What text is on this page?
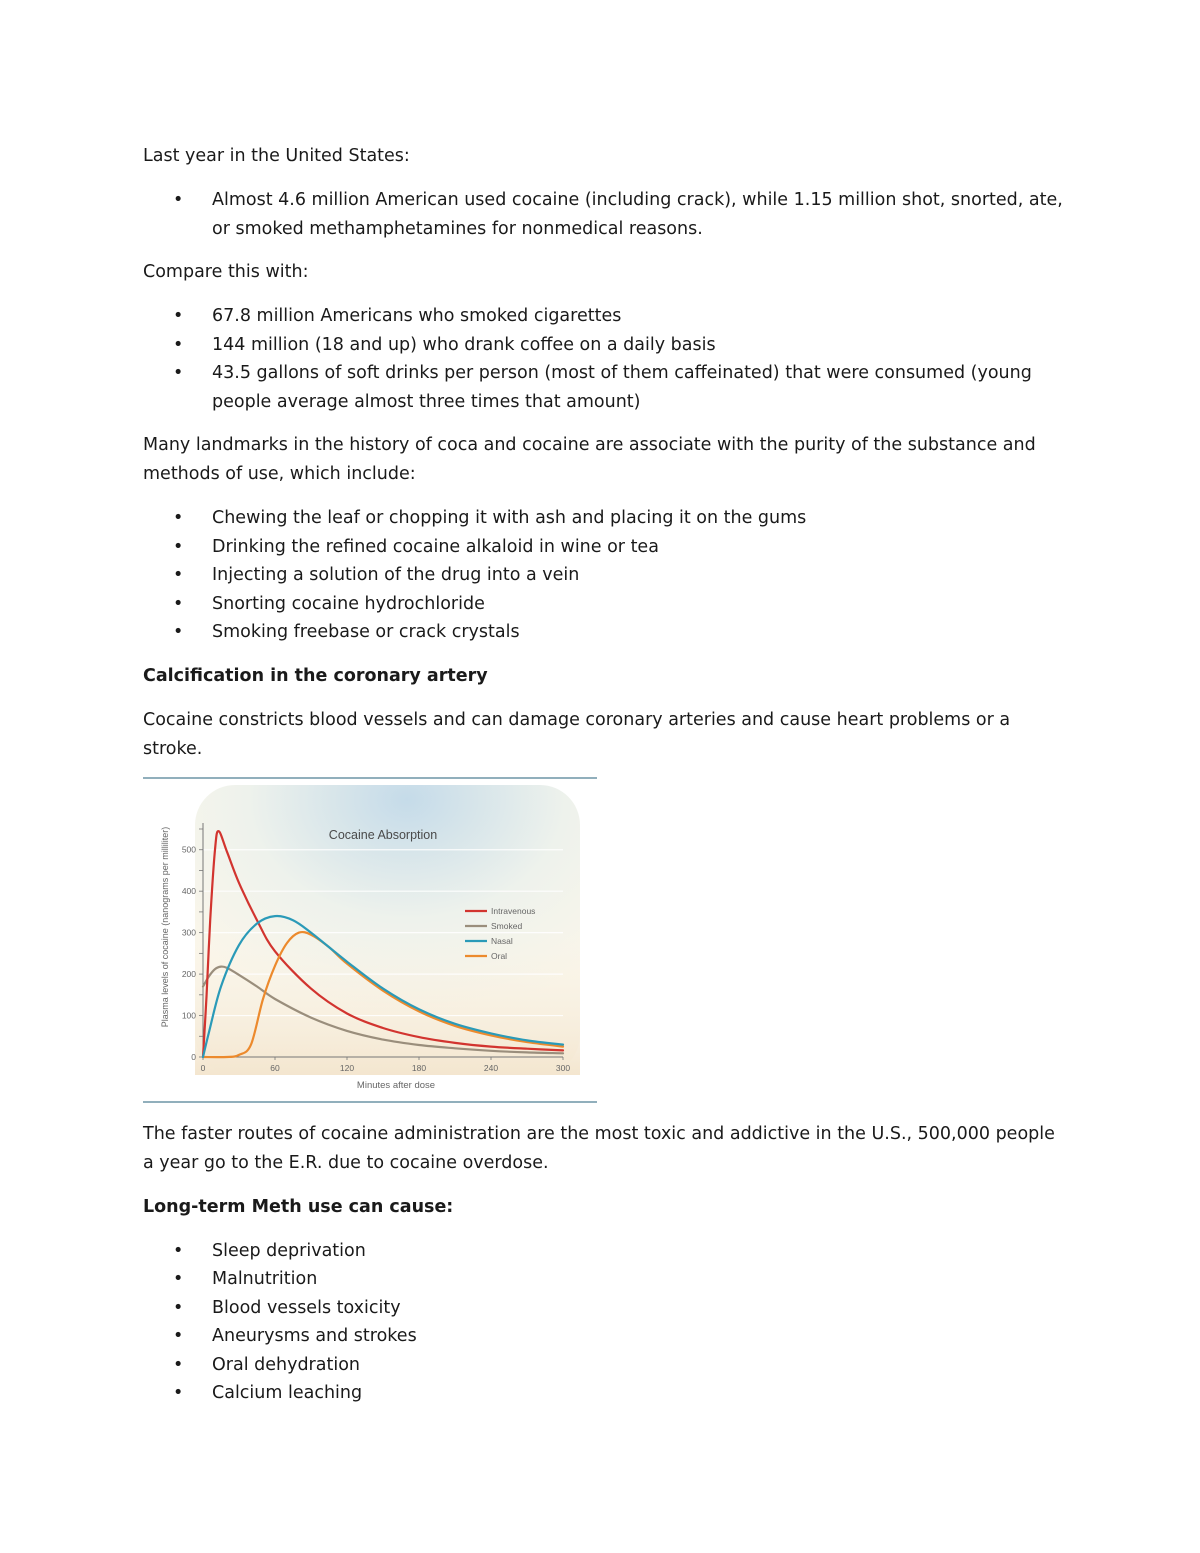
Last year in the United States:

• Almost 4.6 million American used cocaine (including crack), while 1.15 million shot, snorted, ate, or smoked methamphetamines for nonmedical reasons.

Compare this with:

• 67.8 million Americans who smoked cigarettes
• 144 million (18 and up) who drank coffee on a daily basis
• 43.5 gallons of soft drinks per person (most of them caffeinated) that were consumed (young people average almost three times that amount)

Many landmarks in the history of coca and cocaine are associate with the purity of the substance and methods of use, which include:

• Chewing the leaf or chopping it with ash and placing it on the gums
• Drinking the refined cocaine alkaloid in wine or tea
• Injecting a solution of the drug into a vein
• Snorting cocaine hydrochloride
• Smoking freebase or crack crystals

Calcification in the coronary artery

Cocaine constricts blood vessels and can damage coronary arteries and cause heart problems or a stroke.

0
100
200
300
400
500
0	60	120	180	240	300
Cocaine Absorption
Minutes after dose
Plasma levels of cocaine (nanograms per milliliter)	Intravenous
Smoked
Nasal
Oral

The faster routes of cocaine administration are the most toxic and addictive in the U.S., 500,000 people a year go to the E.R. due to cocaine overdose.

Long-term Meth use can cause:

• Sleep deprivation
• Malnutrition
• Blood vessels toxicity
• Aneurysms and strokes
• Oral dehydration
• Calcium leaching
